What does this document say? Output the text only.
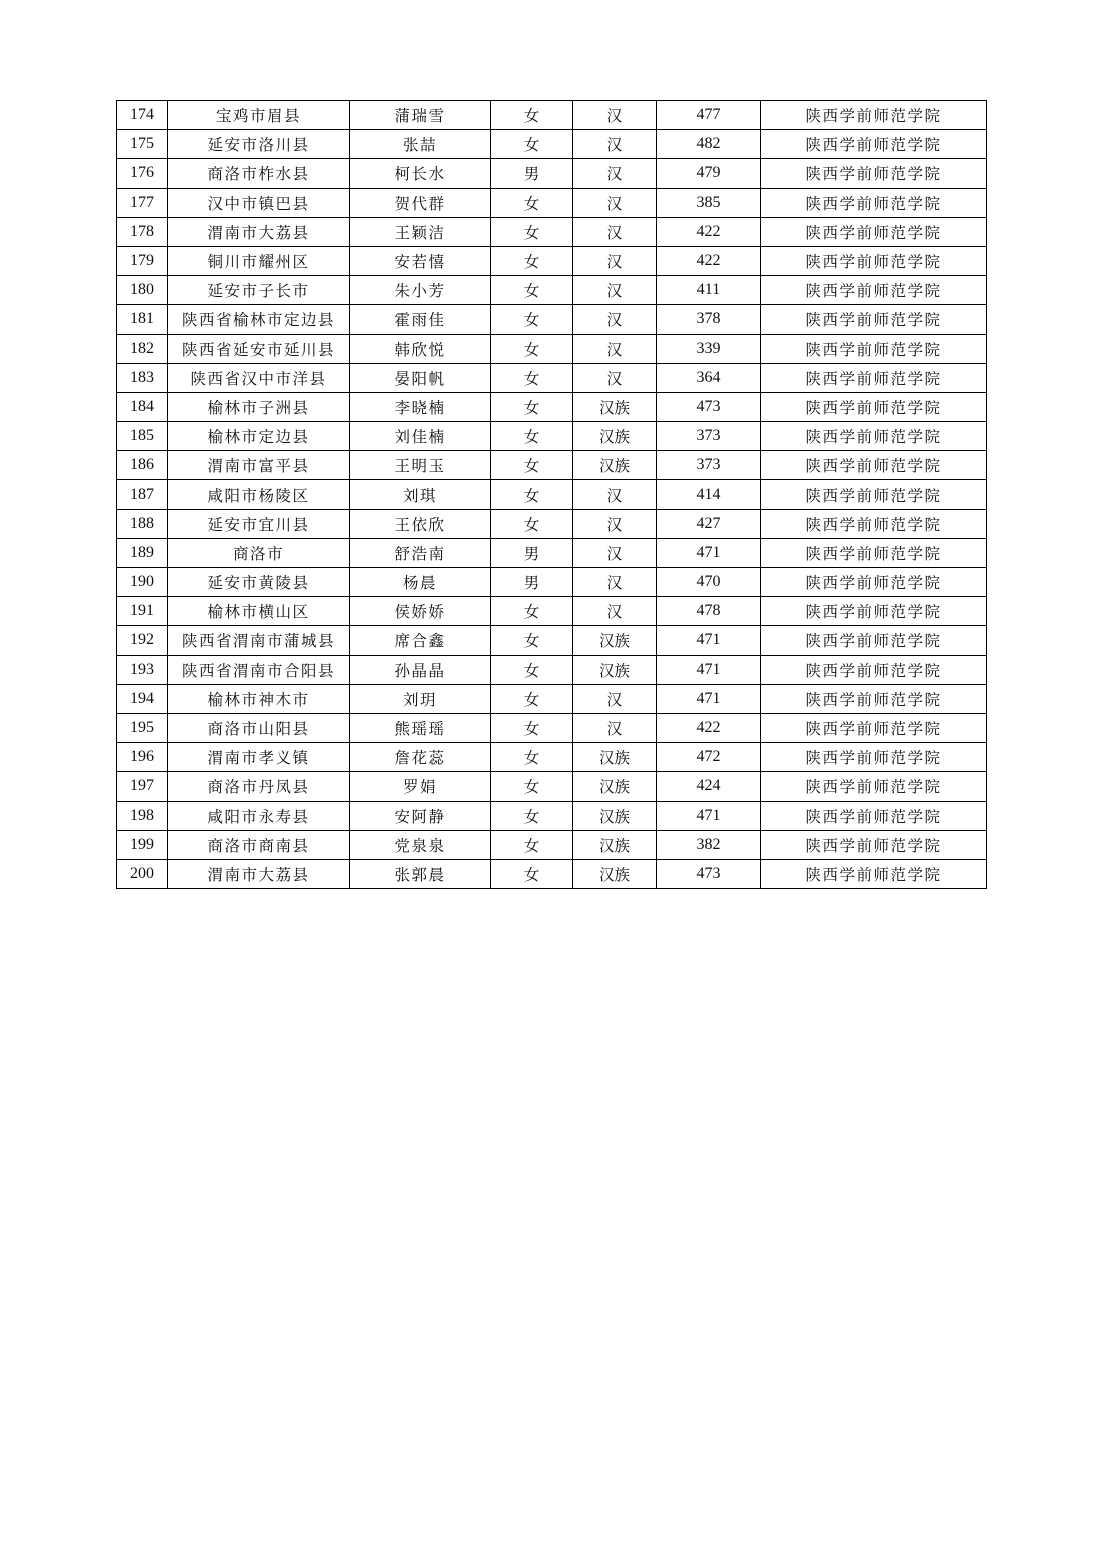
174	宝鸡市眉县	蒲瑞雪	女	汉	477	陕西学前师范学院
175	延安市洛川县	张喆	女	汉	482	陕西学前师范学院
176	商洛市柞水县	柯长水	男	汉	479	陕西学前师范学院
177	汉中市镇巴县	贺代群	女	汉	385	陕西学前师范学院
178	渭南市大荔县	王颖洁	女	汉	422	陕西学前师范学院
179	铜川市耀州区	安若憘	女	汉	422	陕西学前师范学院
180	延安市子长市	朱小芳	女	汉	411	陕西学前师范学院
181	陕西省榆林市定边县	霍雨佳	女	汉	378	陕西学前师范学院
182	陕西省延安市延川县	韩欣悦	女	汉	339	陕西学前师范学院
183	陕西省汉中市洋县	晏阳帆	女	汉	364	陕西学前师范学院
184	榆林市子洲县	李晓楠	女	汉族	473	陕西学前师范学院
185	榆林市定边县	刘佳楠	女	汉族	373	陕西学前师范学院
186	渭南市富平县	王明玉	女	汉族	373	陕西学前师范学院
187	咸阳市杨陵区	刘琪	女	汉	414	陕西学前师范学院
188	延安市宜川县	王依欣	女	汉	427	陕西学前师范学院
189	商洛市	舒浩南	男	汉	471	陕西学前师范学院
190	延安市黄陵县	杨晨	男	汉	470	陕西学前师范学院
191	榆林市横山区	侯娇娇	女	汉	478	陕西学前师范学院
192	陕西省渭南市蒲城县	席合鑫	女	汉族	471	陕西学前师范学院
193	陕西省渭南市合阳县	孙晶晶	女	汉族	471	陕西学前师范学院
194	榆林市神木市	刘玥	女	汉	471	陕西学前师范学院
195	商洛市山阳县	熊瑶瑶	女	汉	422	陕西学前师范学院
196	渭南市孝义镇	詹花蕊	女	汉族	472	陕西学前师范学院
197	商洛市丹凤县	罗娟	女	汉族	424	陕西学前师范学院
198	咸阳市永寿县	安阿静	女	汉族	471	陕西学前师范学院
199	商洛市商南县	党泉泉	女	汉族	382	陕西学前师范学院
200	渭南市大荔县	张郭晨	女	汉族	473	陕西学前师范学院
